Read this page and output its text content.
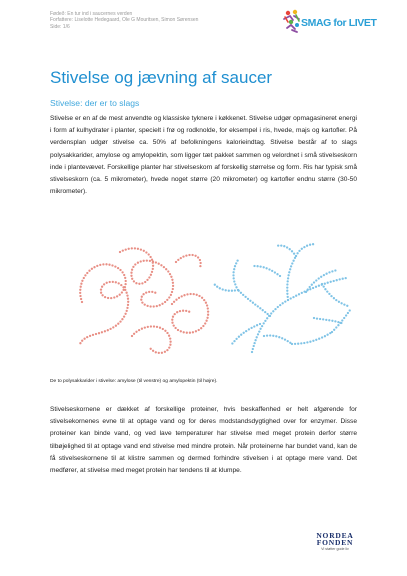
Fødeð: En tur ind i saucernes verden
Forfattere: Liselotte Hedegaard, Ole G Mouritsen, Simon Sørensen
Side: 1/6	SMAG for LIVET
Stivelse og jævning af saucer
Stivelse: der er to slags

Stivelse er en af de mest anvendte og klassiske tyknere i køkkenet. Stivelse udgør opmagasineret energi i form af kulhydrater i planter, specielt i frø og rodknolde, for eksempel i ris, hvede, majs og kartofler. På verdensplan udgør stivelse ca. 50% af befolkningens kalorieindtag. Stivelse består af to slags polysakkarider, amylose og amylopektin, som ligger tæt pakket sammen og velordnet i små stivelseskorn inde i plantevævet. Forskellige planter har stivelseskorn af forskellig størrelse og form. Ris har typisk små stivelseskorn (ca. 5 mikrometer), hvede noget større (20 mikrometer) og kartofler endnu større (30-50 mikrometer).

De to polysakkarider i stivelse: amylose (til venstre) og amylopektin (til højre).

Stivelseskornene er dækket af forskellige proteiner, hvis beskaffenhed er helt afgørende for stivelsekornenes evne til at optage vand og for deres modstandsdygtighed over for enzymer. Disse proteiner kan binde vand, og ved lave temperaturer har stivelse med meget protein derfor større tilbøjelighed til at optage vand end stivelse med mindre protein. Når proteinerne har bundet vand, kan de få stivelseskornene til at klistre sammen og dermed forhindre stivelsen i at optage mere vand. Det medfører, at stivelse med meget protein har tendens til at klumpe.

NORDEA FONDEN
Vi støtter gode liv
